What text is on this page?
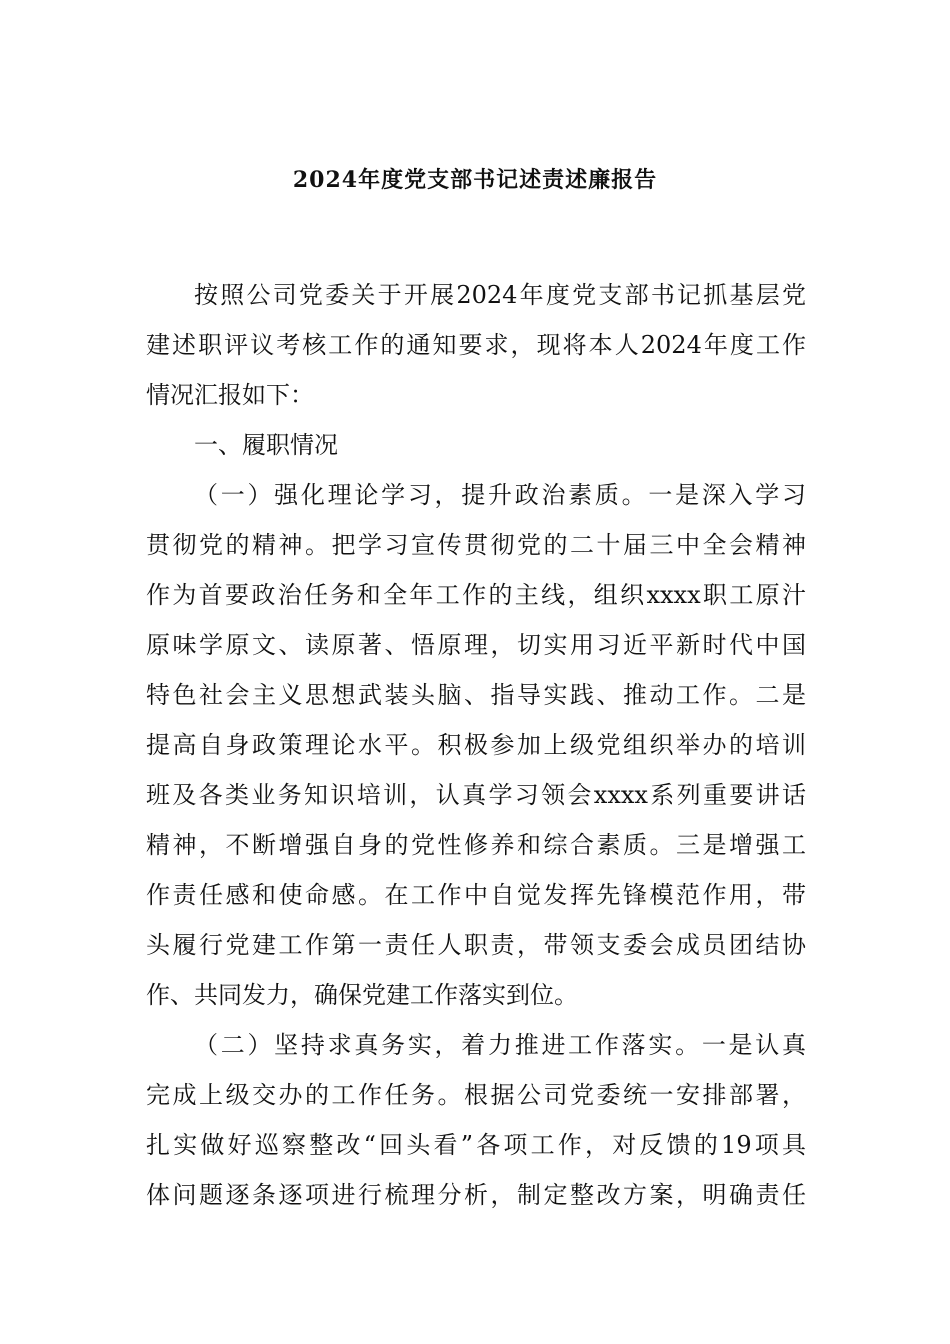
2024年度党支部书记述责述廉报告
按照公司党委关于开展2024年度党支部书记抓基层党
建述职评议考核工作的通知要求，现将本人2024年度工作
情况汇报如下：
一、履职情况
（一）强化理论学习，提升政治素质。一是深入学习
贯彻党的精神。把学习宣传贯彻党的二十届三中全会精神
作为首要政治任务和全年工作的主线，组织xxxx职工原汁
原味学原文、读原著、悟原理，切实用习近平新时代中国
特色社会主义思想武装头脑、指导实践、推动工作。二是
提高自身政策理论水平。积极参加上级党组织举办的培训
班及各类业务知识培训，认真学习领会xxxx系列重要讲话
精神，不断增强自身的党性修养和综合素质。三是增强工
作责任感和使命感。在工作中自觉发挥先锋模范作用，带
头履行党建工作第一责任人职责，带领支委会成员团结协
作、共同发力，确保党建工作落实到位。
（二）坚持求真务实，着力推进工作落实。一是认真
完成上级交办的工作任务。根据公司党委统一安排部署，
扎实做好巡察整改“回头看”各项工作，对反馈的19项具
体问题逐条逐项进行梳理分析，制定整改方案，明确责任
